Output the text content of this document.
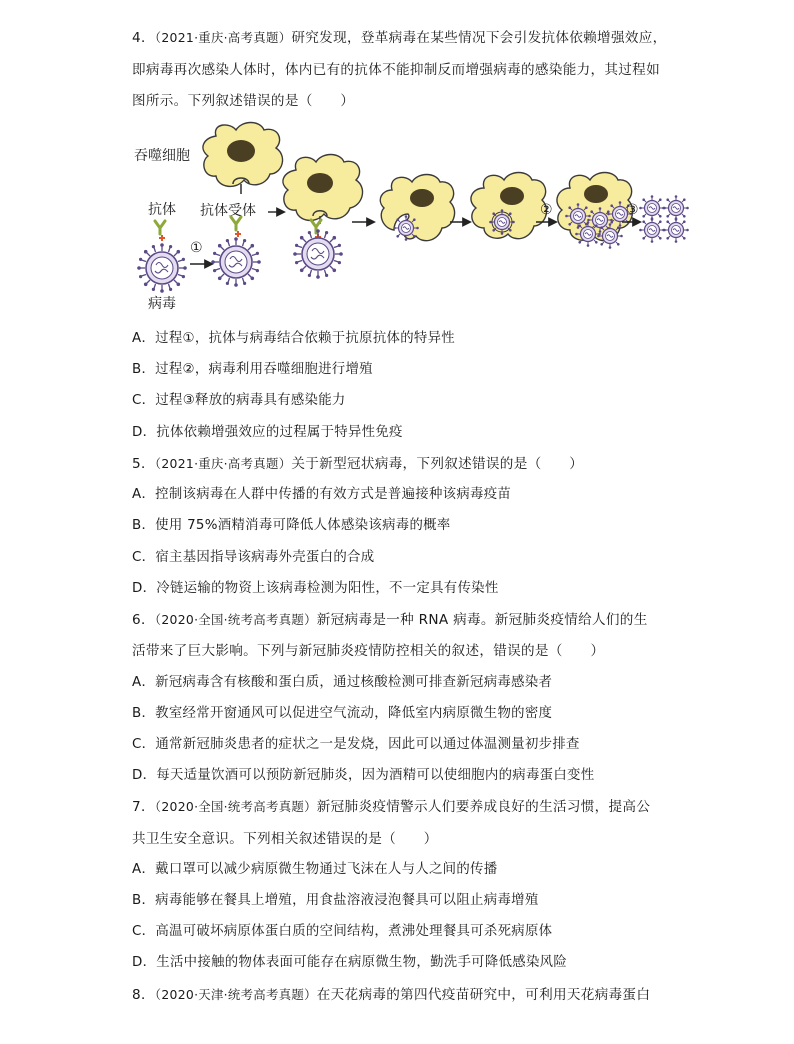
4．（2021·重庆·高考真题）研究发现，登革病毒在某些情况下会引发抗体依赖增强效应，
即病毒再次感染人体时，体内已有的抗体不能抑制反而增强病毒的感染能力，其过程如
图所示。下列叙述错误的是（　　）
吞噬细胞
抗体受体
抗体
病毒
①
②	③
A．过程①，抗体与病毒结合依赖于抗原抗体的特异性
B．过程②，病毒利用吞噬细胞进行增殖
C．过程③释放的病毒具有感染能力
D．抗体依赖增强效应的过程属于特异性免疫
5．（2021·重庆·高考真题）关于新型冠状病毒，下列叙述错误的是（　　）
A．控制该病毒在人群中传播的有效方式是普遍接种该病毒疫苗
B．使用 75%酒精消毒可降低人体感染该病毒的概率
C．宿主基因指导该病毒外壳蛋白的合成
D．冷链运输的物资上该病毒检测为阳性，不一定具有传染性
6．（2020·全国·统考高考真题）新冠病毒是一种 RNA 病毒。新冠肺炎疫情给人们的生
活带来了巨大影响。下列与新冠肺炎疫情防控相关的叙述，错误的是（　　）
A．新冠病毒含有核酸和蛋白质，通过核酸检测可排查新冠病毒感染者
B．教室经常开窗通风可以促进空气流动，降低室内病原微生物的密度
C．通常新冠肺炎患者的症状之一是发烧，因此可以通过体温测量初步排查
D．每天适量饮酒可以预防新冠肺炎，因为酒精可以使细胞内的病毒蛋白变性
7．（2020·全国·统考高考真题）新冠肺炎疫情警示人们要养成良好的生活习惯，提高公
共卫生安全意识。下列相关叙述错误的是（　　）
A．戴口罩可以减少病原微生物通过飞沫在人与人之间的传播
B．病毒能够在餐具上增殖，用食盐溶液浸泡餐具可以阻止病毒增殖
C．高温可破坏病原体蛋白质的空间结构，煮沸处理餐具可杀死病原体
D．生活中接触的物体表面可能存在病原微生物，勤洗手可降低感染风险
8．（2020·天津·统考高考真题）在天花病毒的第四代疫苗研究中，可利用天花病毒蛋白
